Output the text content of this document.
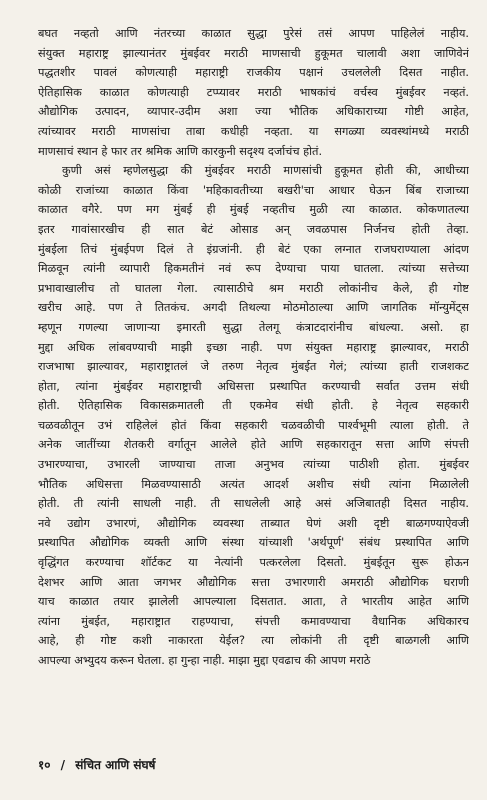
बघत नव्हतो आणि नंतरच्या काळात सुद्धा पुरेसं तसं आपण पाहिलेलं नाहीय.
संयुक्त महाराष्ट्र झाल्यानंतर मुंबईवर मराठी माणसाची हुकूमत चालावी अशा जाणिवेनं
पद्धतशीर पावलं कोणत्याही महाराष्ट्री राजकीय पक्षानं उचललेली दिसत नाहीत.
ऐतिहासिक काळात कोणत्याही टप्प्यावर मराठी भाषकांचं वर्चस्व मुंबईवर नव्हतं.
औद्योगिक उत्पादन, व्यापार-उदीम अशा ज्या भौतिक अधिकाराच्या गोष्टी आहेत,
त्यांच्यावर मराठी माणसांचा ताबा कधीही नव्हता. या सगळ्या व्यवस्थांमध्ये मराठी
माणसाचं स्थान हे फार तर श्रमिक आणि कारकुनी सदृश्य दर्जाचंच होतं.
कुणी असं म्हणेलसुद्धा की मुंबईवर मराठी माणसांची हुकूमत होती की, आधीच्या
कोळी राजांच्या काळात किंवा 'महिकावतीच्या बखरी'चा आधार घेऊन बिंब राजाच्या
काळात वगैरे. पण मग मुंबई ही मुंबई नव्हतीच मुळी त्या काळात. कोकणातल्या
इतर गावांसारखीच ही सात बेटं ओसाड अन् जवळपास निर्जनच होती तेव्हा.
मुंबईला तिचं मुंबईपण दिलं ते इंग्रजांनी. ही बेटं एका लग्नात राजघराण्याला आंदण
मिळवून त्यांनी व्यापारी हिकमतीनं नवं रूप देण्याचा पाया घातला. त्यांच्या सत्तेच्या
प्रभावाखालीच तो घातला गेला. त्यासाठीचे श्रम मराठी लोकांनीच केले, ही गोष्ट
खरीच आहे. पण ते तितकंच. अगदी तिथल्या मोठमोठाल्या आणि जागतिक मॉन्युमेंट्स
म्हणून गणल्या जाणाऱ्या इमारती सुद्धा तेलगू कंत्राटदारांनीच बांधल्या. असो. हा
मुद्दा अधिक लांबवण्याची माझी इच्छा नाही. पण संयुक्त महाराष्ट्र झाल्यावर, मराठी
राजभाषा झाल्यावर, महाराष्ट्रातलं जे तरुण नेतृत्व मुंबईत गेलं; त्यांच्या हाती राजशकट
होता, त्यांना मुंबईवर महाराष्ट्राची अधिसत्ता प्रस्थापित करण्याची सर्वात उत्तम संधी
होती. ऐतिहासिक विकासक्रमातली ती एकमेव संधी होती. हे नेतृत्व सहकारी
चळवळीतून उभं राहिलेलं होतं किंवा सहकारी चळवळीची पार्श्वभूमी त्याला होती. ते
अनेक जातींच्या शेतकरी वर्गातून आलेले होते आणि सहकारातून सत्ता आणि संपत्ती
उभारण्याचा, उभारली जाण्याचा ताजा अनुभव त्यांच्या पाठीशी होता. मुंबईवर
भौतिक अधिसत्ता मिळवण्यासाठी अत्यंत आदर्श अशीच संधी त्यांना मिळालेली
होती. ती त्यांनी साधली नाही. ती साधलेली आहे असं अजिबातही दिसत नाहीय.
नवे उद्योग उभारणं, औद्योगिक व्यवस्था ताब्यात घेणं अशी दृष्टी बाळगण्याऐवजी
प्रस्थापित औद्योगिक व्यक्ती आणि संस्था यांच्याशी 'अर्थपूर्ण' संबंध प्रस्थापित आणि
वृद्धिंगत करण्याचा शॉर्टकट या नेत्यांनी पत्करलेला दिसतो. मुंबईतून सुरू होऊन
देशभर आणि आता जगभर औद्योगिक सत्ता उभारणारी अमराठी औद्योगिक घराणी
याच काळात तयार झालेली आपल्याला दिसतात. आता, ते भारतीय आहेत आणि
त्यांना मुंबईत, महाराष्ट्रात राहण्याचा, संपत्ती कमावण्याचा वैधानिक अधिकारच
आहे, ही गोष्ट कशी नाकारता येईल? त्या लोकांनी ती दृष्टी बाळगली आणि
आपल्या अभ्युदय करून घेतला. हा गुन्हा नाही. माझा मुद्दा एवढाच की आपण मराठे
१० / संचित आणि संघर्ष
